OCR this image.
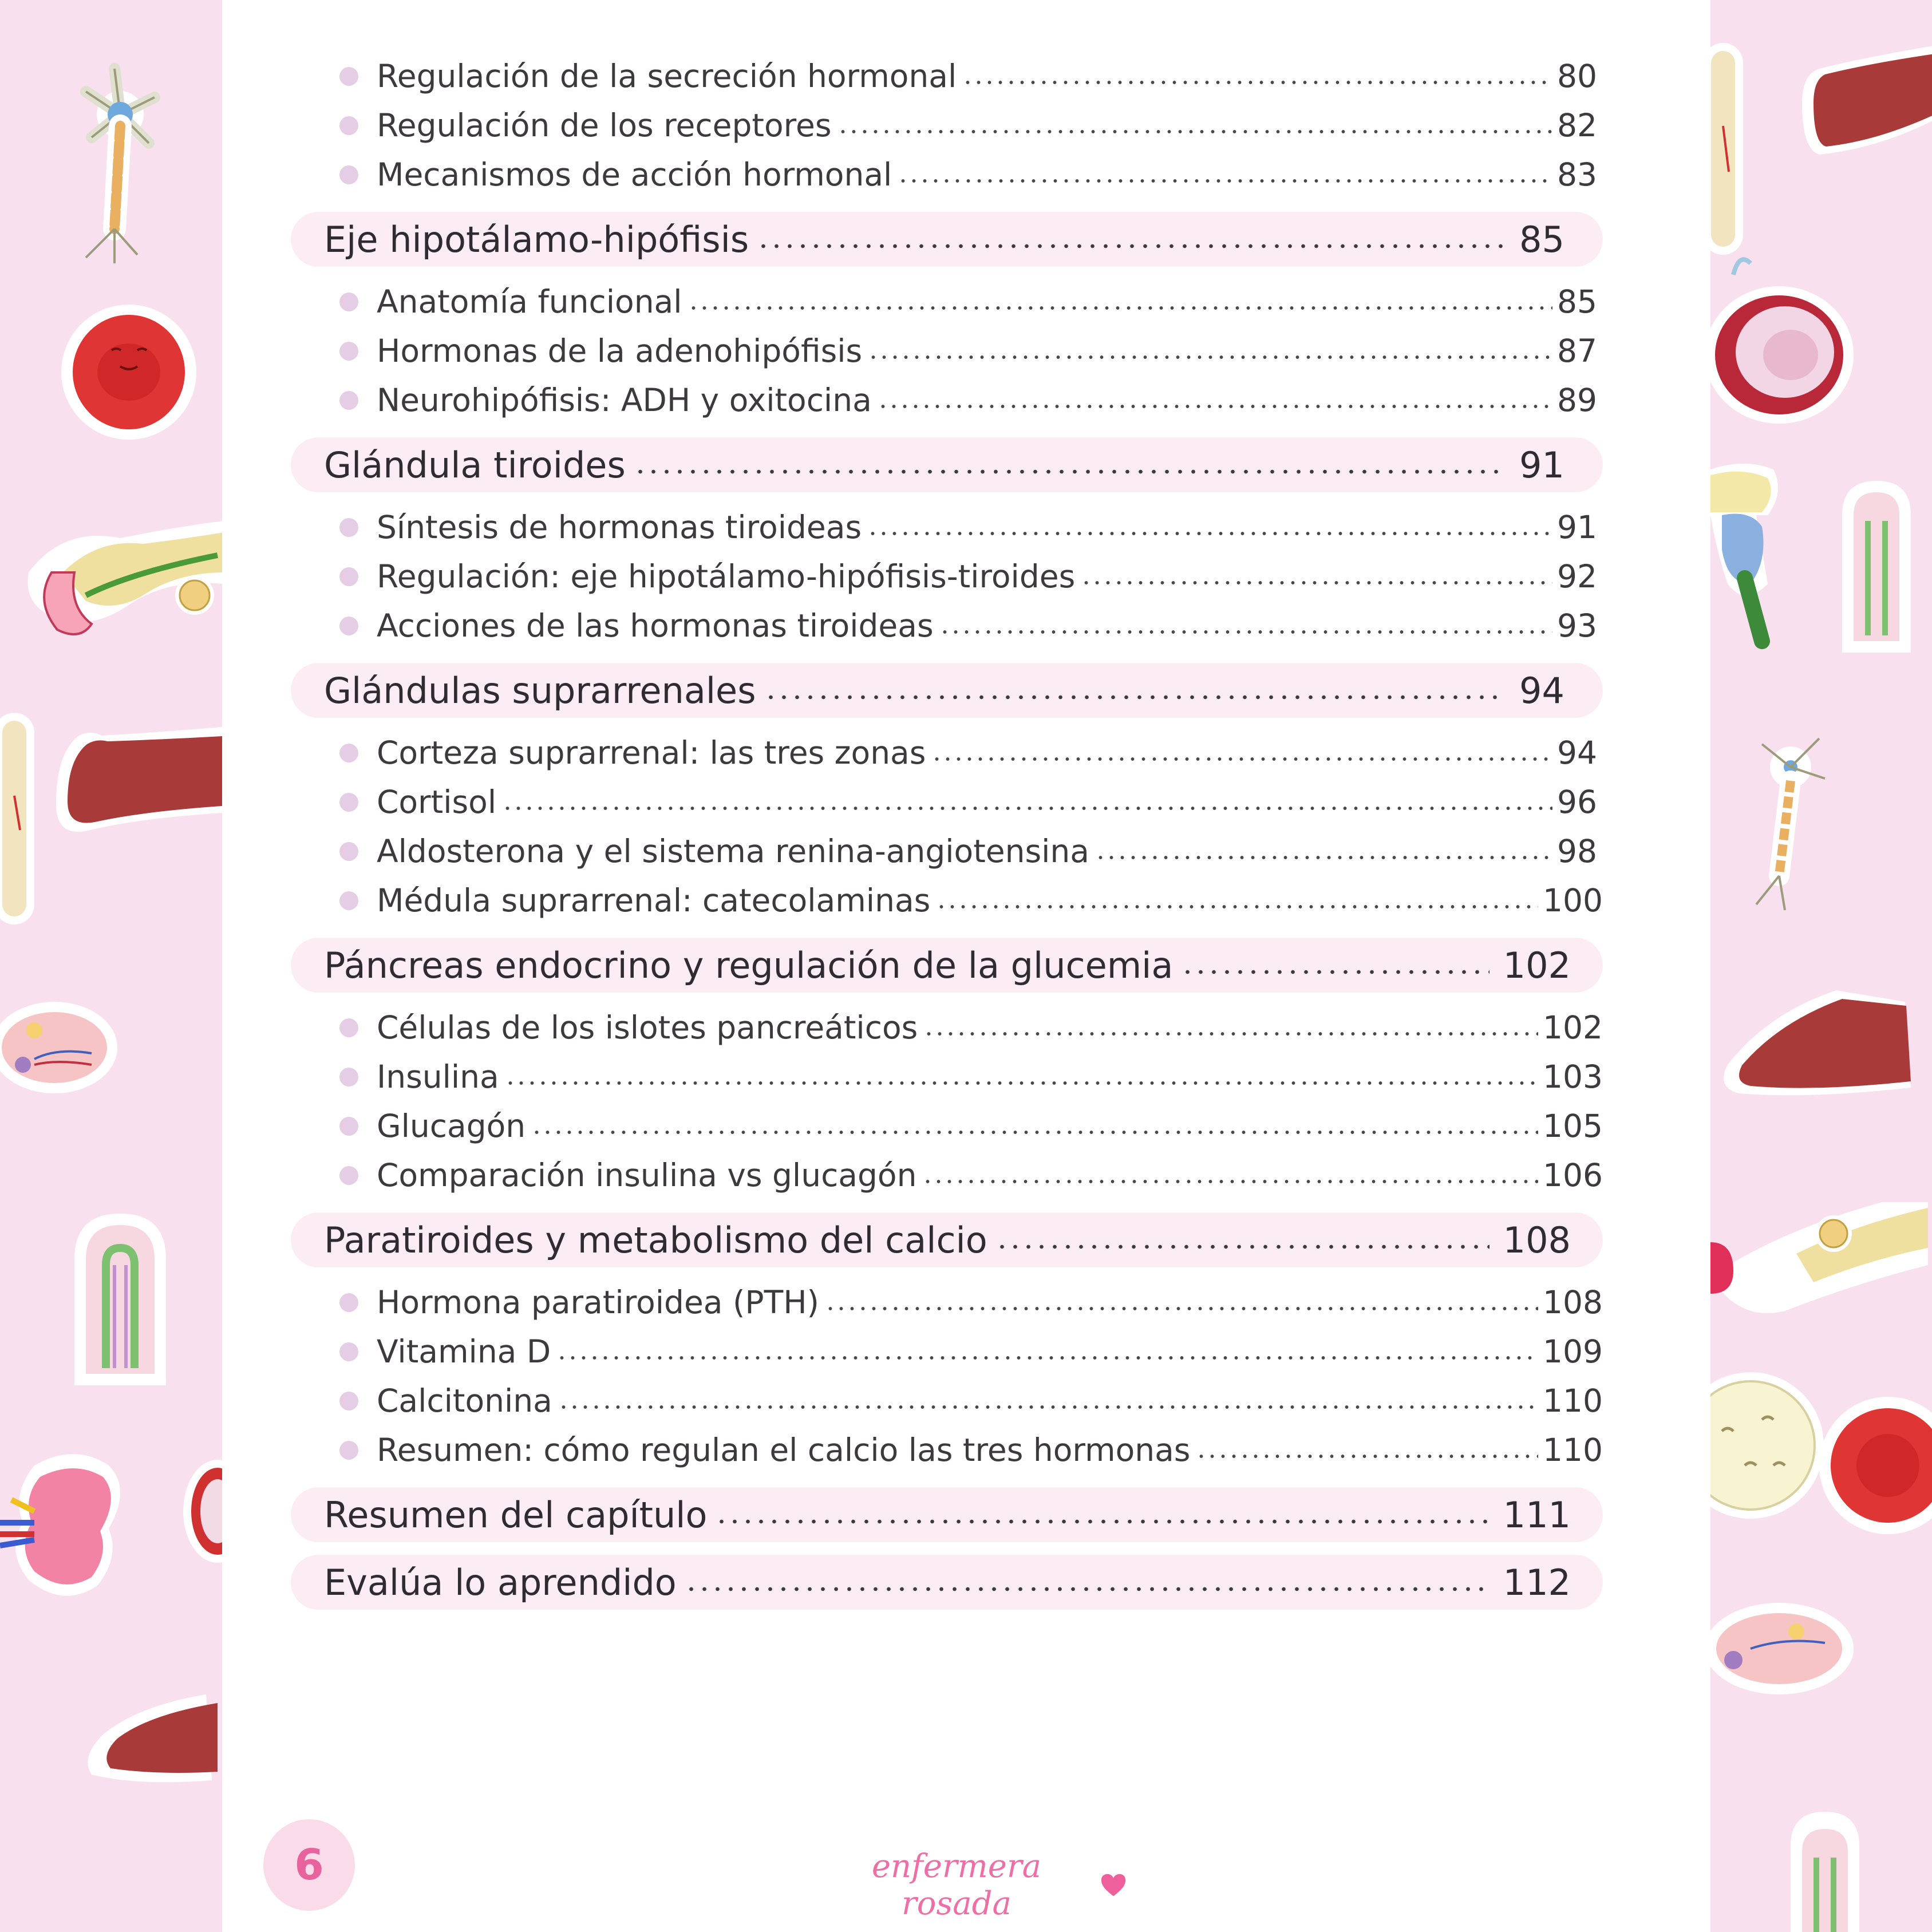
Regulación de la secreción hormonal	80
Regulación de los receptores	82
Mecanismos de acción hormonal	83
Eje hipotálamo-hipófisis	85
Anatomía funcional	85
Hormonas de la adenohipófisis	87
Neurohipófisis: ADH y oxitocina	89
Glándula tiroides	91
Síntesis de hormonas tiroideas	91
Regulación: eje hipotálamo-hipófisis-tiroides	92
Acciones de las hormonas tiroideas	93
Glándulas suprarrenales	94
Corteza suprarrenal: las tres zonas	94
Cortisol	96
Aldosterona y el sistema renina-angiotensina	98
Médula suprarrenal: catecolaminas	100
Páncreas endocrino y regulación de la glucemia	102
Células de los islotes pancreáticos	102
Insulina	103
Glucagón	105
Comparación insulina vs glucagón	106
Paratiroides y metabolismo del calcio	108
Hormona paratiroidea (PTH)	108
Vitamina D	109
Calcitonina	110
Resumen: cómo regulan el calcio las tres hormonas	110
Resumen del capítulo	111
Evalúa lo aprendido	112
6	enfermera rosada
